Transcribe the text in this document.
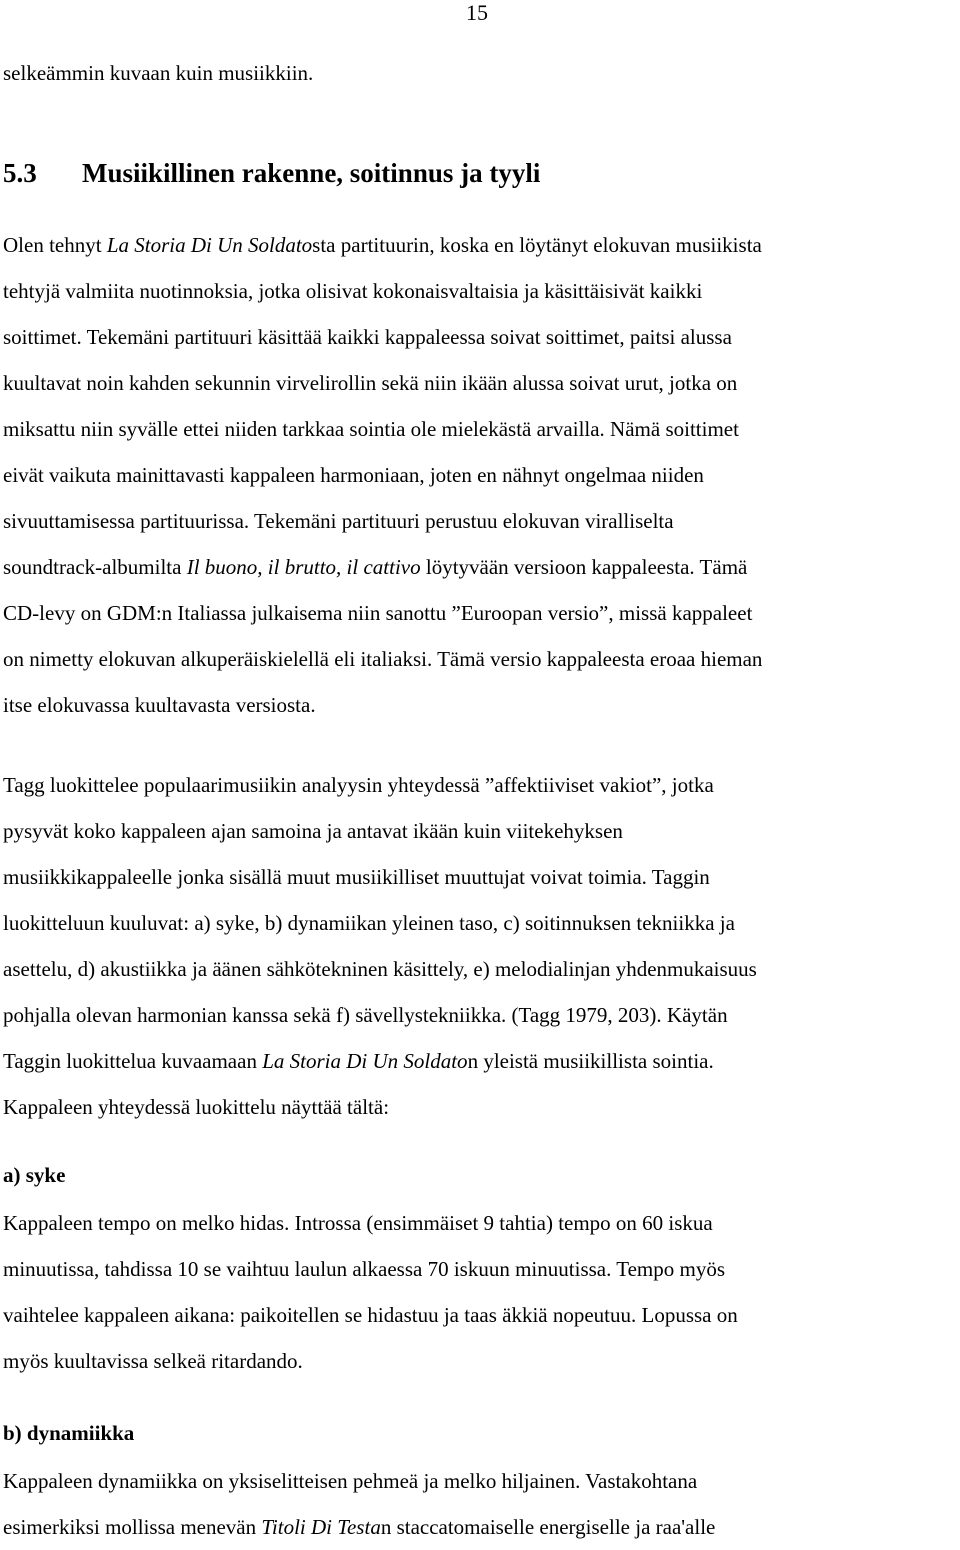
15
selkeämmin kuvaan kuin musiikkiin.
5.3 Musiikillinen rakenne, soitinnus ja tyyli
Olen tehnyt La Storia Di Un Soldatosta partituurin, koska en löytänyt elokuvan musiikista
tehtyjä valmiita nuotinnoksia, jotka olisivat kokonaisvaltaisia ja käsittäisivät kaikki
soittimet. Tekemäni partituuri käsittää kaikki kappaleessa soivat soittimet, paitsi alussa
kuultavat noin kahden sekunnin virvelirollin sekä niin ikään alussa soivat urut, jotka on
miksattu niin syvälle ettei niiden tarkkaa sointia ole mielekästä arvailla. Nämä soittimet
eivät vaikuta mainittavasti kappaleen harmoniaan, joten en nähnyt ongelmaa niiden
sivuuttamisessa partituurissa. Tekemäni partituuri perustuu elokuvan viralliselta
soundtrack-albumilta Il buono, il brutto, il cattivo löytyvään versioon kappaleesta. Tämä
CD-levy on GDM:n Italiassa julkaisema niin sanottu ”Euroopan versio”, missä kappaleet
on nimetty elokuvan alkuperäiskielellä eli italiaksi. Tämä versio kappaleesta eroaa hieman
itse elokuvassa kuultavasta versiosta.
Tagg luokittelee populaarimusiikin analyysin yhteydessä ”affektiiviset vakiot”, jotka
pysyvät koko kappaleen ajan samoina ja antavat ikään kuin viitekehyksen
musiikkikappaleelle jonka sisällä muut musiikilliset muuttujat voivat toimia. Taggin
luokitteluun kuuluvat: a) syke, b) dynamiikan yleinen taso, c) soitinnuksen tekniikka ja
asettelu, d) akustiikka ja äänen sähkötekninen käsittely, e) melodialinjan yhdenmukaisuus
pohjalla olevan harmonian kanssa sekä f) sävellystekniikka. (Tagg 1979, 203). Käytän
Taggin luokittelua kuvaamaan La Storia Di Un Soldaton yleistä musiikillista sointia.
Kappaleen yhteydessä luokittelu näyttää tältä:
a) syke
Kappaleen tempo on melko hidas. Introssa (ensimmäiset 9 tahtia) tempo on 60 iskua
minuutissa, tahdissa 10 se vaihtuu laulun alkaessa 70 iskuun minuutissa. Tempo myös
vaihtelee kappaleen aikana: paikoitellen se hidastuu ja taas äkkiä nopeutuu. Lopussa on
myös kuultavissa selkeä ritardando.
b) dynamiikka
Kappaleen dynamiikka on yksiselitteisen pehmeä ja melko hiljainen. Vastakohtana
esimerkiksi mollissa menevän Titoli Di Testan staccatomaiselle energiselle ja raa'alle
